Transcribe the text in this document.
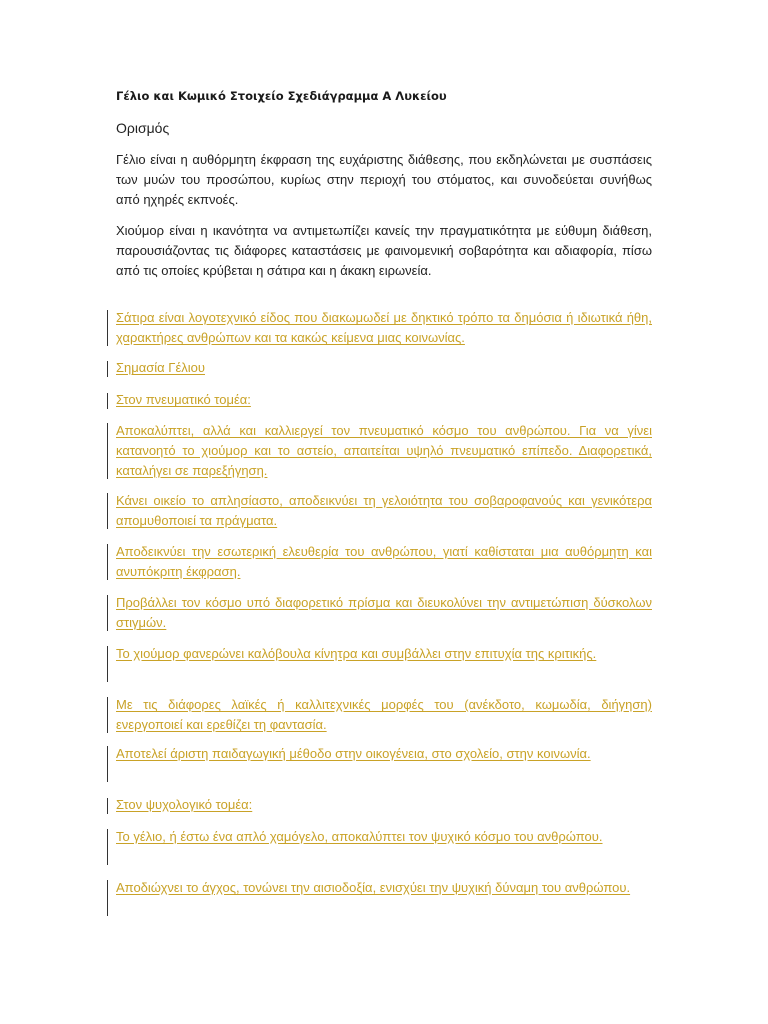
Γέλιο και Κωμικό Στοιχείο Σχεδιάγραμμα Α Λυκείου

Ορισμός

Γέλιο είναι η αυθόρμητη έκφραση της ευχάριστης διάθεσης, που εκδηλώνεται με συσπάσεις των μυών του προσώπου, κυρίως στην περιοχή του στόματος, και συνοδεύεται συνήθως από ηχηρές εκπνοές.

Χιούμορ είναι η ικανότητα να αντιμετωπίζει κανείς την πραγματικότητα με εύθυμη διάθεση, παρουσιάζοντας τις διάφορες καταστάσεις με φαινομενική σοβαρότητα και αδιαφορία, πίσω από τις οποίες κρύβεται η σάτιρα και η άκακη ειρωνεία.

Σάτιρα είναι λογοτεχνικό είδος που διακωμωδεί με δηκτικό τρόπο τα δημόσια ή ιδιωτικά ήθη, χαρακτήρες ανθρώπων και τα κακώς κείμενα μιας κοινωνίας.

Σημασία Γέλιου

Στον πνευματικό τομέα:

Αποκαλύπτει, αλλά και καλλιεργεί τον πνευματικό κόσμο του ανθρώπου. Για να γίνει κατανοητό το χιούμορ και το αστείο, απαιτείται υψηλό πνευματικό επίπεδο. Διαφορετικά, καταλήγει σε παρεξήγηση.

Κάνει οικείο το απλησίαστο, αποδεικνύει τη γελοιότητα του σοβαροφανούς και γενικότερα απομυθοποιεί τα πράγματα.

Αποδεικνύει την εσωτερική ελευθερία του ανθρώπου, γιατί καθίσταται μια αυθόρμητη και ανυπόκριτη έκφραση.

Προβάλλει τον κόσμο υπό διαφορετικό πρίσμα και διευκολύνει την αντιμετώπιση δύσκολων στιγμών.

Το χιούμορ φανερώνει καλόβουλα κίνητρα και συμβάλλει στην επιτυχία της κριτικής.

Με τις διάφορες λαϊκές ή καλλιτεχνικές μορφές του (ανέκδοτο, κωμωδία, διήγηση) ενεργοποιεί και ερεθίζει τη φαντασία.

Αποτελεί άριστη παιδαγωγική μέθοδο στην οικογένεια, στο σχολείο, στην κοινωνία.

Στον ψυχολογικό τομέα:

Το γέλιο, ή έστω ένα απλό χαμόγελο, αποκαλύπτει τον ψυχικό κόσμο του ανθρώπου.

Αποδιώχνει το άγχος, τονώνει την αισιοδοξία, ενισχύει την ψυχική δύναμη του ανθρώπου.
